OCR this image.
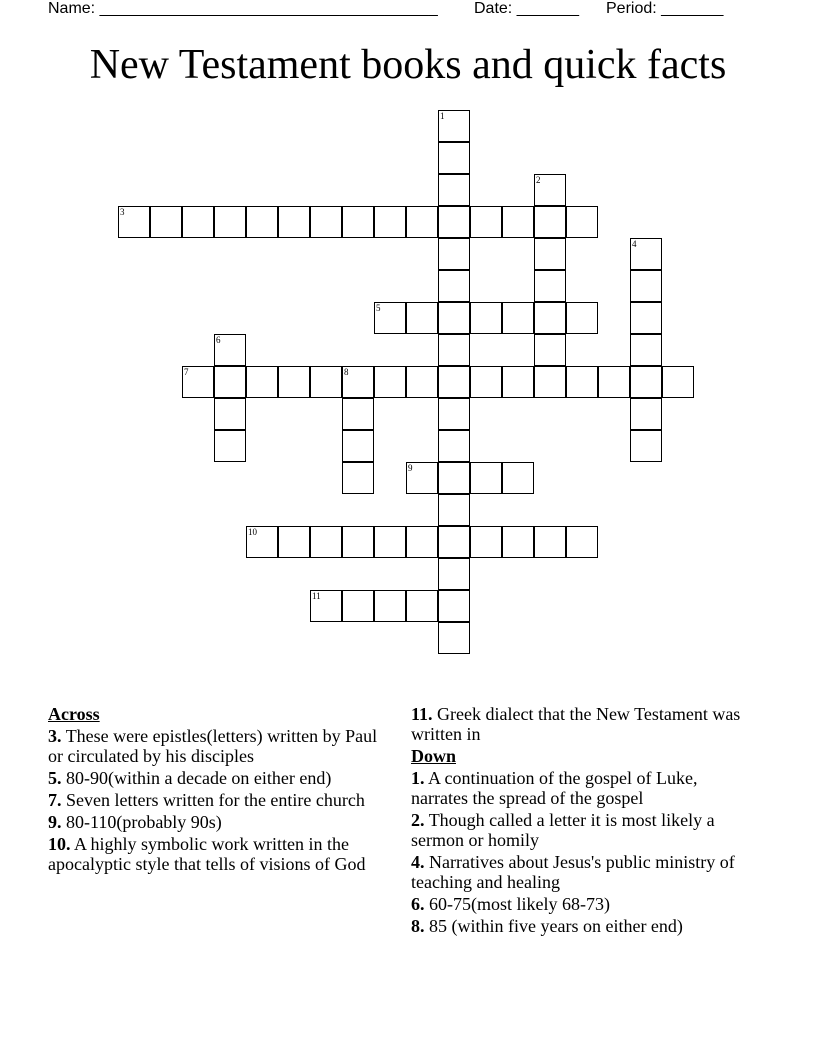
Name: ______________________________________ Date: _______ Period: _______
New Testament books and quick facts
1
2
3
4
5
6
7	8
9
10
11
Across
3. These were epistles(letters) written by Paul or circulated by his disciples
5. 80-90(within a decade on either end)
7. Seven letters written for the entire church
9. 80-110(probably 90s)
10. A highly symbolic work written in the apocalyptic style that tells of visions of God
11. Greek dialect that the New Testament was written in
Down
1. A continuation of the gospel of Luke, narrates the spread of the gospel
2. Though called a letter it is most likely a sermon or homily
4. Narratives about Jesus's public ministry of teaching and healing
6. 60-75(most likely 68-73)
8. 85 (within five years on either end)
